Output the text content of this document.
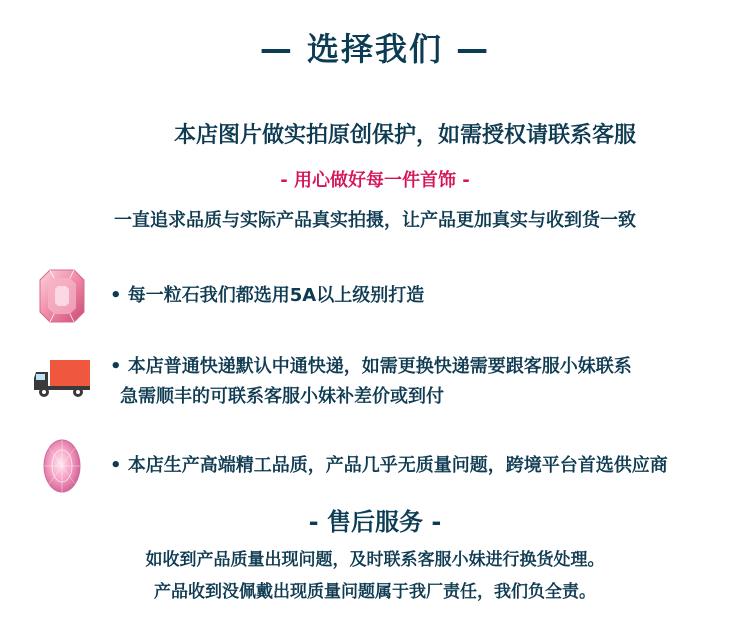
— 选择我们 —
本店图片做实拍原创保护，如需授权请联系客服
- 用心做好每一件首饰 -
一直追求品质与实际产品真实拍摄，让产品更加真实与收到货一致
• 每一粒石我们都选用5A以上级别打造
• 本店普通快递默认中通快递，如需更换快递需要跟客服小妹联系
急需顺丰的可联系客服小妹补差价或到付
• 本店生产高端精工品质，产品几乎无质量问题，跨境平台首选供应商
- 售后服务 -
如收到产品质量出现问题，及时联系客服小妹进行换货处理。
产品收到没佩戴出现质量问题属于我厂责任，我们负全责。
